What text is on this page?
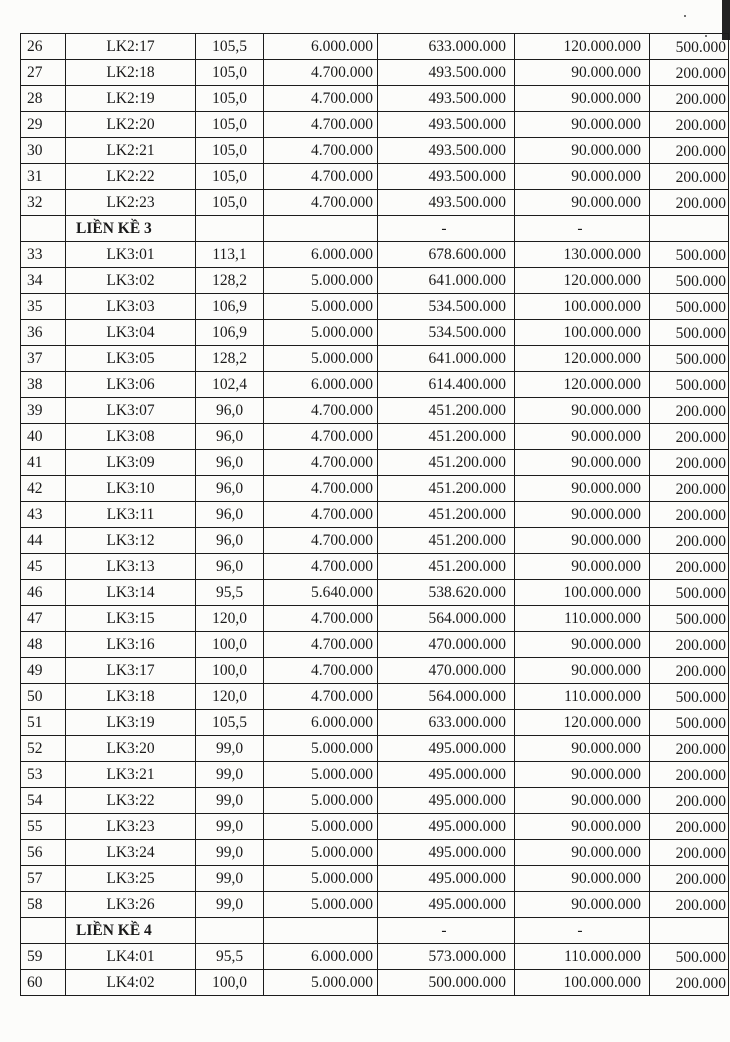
26	LK2:17	105,5	6.000.000	633.000.000	120.000.000	500.000
27	LK2:18	105,0	4.700.000	493.500.000	90.000.000	200.000
28	LK2:19	105,0	4.700.000	493.500.000	90.000.000	200.000
29	LK2:20	105,0	4.700.000	493.500.000	90.000.000	200.000
30	LK2:21	105,0	4.700.000	493.500.000	90.000.000	200.000
31	LK2:22	105,0	4.700.000	493.500.000	90.000.000	200.000
32	LK2:23	105,0	4.700.000	493.500.000	90.000.000	200.000
	LIỀN KỀ 3			-	-	
33	LK3:01	113,1	6.000.000	678.600.000	130.000.000	500.000
34	LK3:02	128,2	5.000.000	641.000.000	120.000.000	500.000
35	LK3:03	106,9	5.000.000	534.500.000	100.000.000	500.000
36	LK3:04	106,9	5.000.000	534.500.000	100.000.000	500.000
37	LK3:05	128,2	5.000.000	641.000.000	120.000.000	500.000
38	LK3:06	102,4	6.000.000	614.400.000	120.000.000	500.000
39	LK3:07	96,0	4.700.000	451.200.000	90.000.000	200.000
40	LK3:08	96,0	4.700.000	451.200.000	90.000.000	200.000
41	LK3:09	96,0	4.700.000	451.200.000	90.000.000	200.000
42	LK3:10	96,0	4.700.000	451.200.000	90.000.000	200.000
43	LK3:11	96,0	4.700.000	451.200.000	90.000.000	200.000
44	LK3:12	96,0	4.700.000	451.200.000	90.000.000	200.000
45	LK3:13	96,0	4.700.000	451.200.000	90.000.000	200.000
46	LK3:14	95,5	5.640.000	538.620.000	100.000.000	500.000
47	LK3:15	120,0	4.700.000	564.000.000	110.000.000	500.000
48	LK3:16	100,0	4.700.000	470.000.000	90.000.000	200.000
49	LK3:17	100,0	4.700.000	470.000.000	90.000.000	200.000
50	LK3:18	120,0	4.700.000	564.000.000	110.000.000	500.000
51	LK3:19	105,5	6.000.000	633.000.000	120.000.000	500.000
52	LK3:20	99,0	5.000.000	495.000.000	90.000.000	200.000
53	LK3:21	99,0	5.000.000	495.000.000	90.000.000	200.000
54	LK3:22	99,0	5.000.000	495.000.000	90.000.000	200.000
55	LK3:23	99,0	5.000.000	495.000.000	90.000.000	200.000
56	LK3:24	99,0	5.000.000	495.000.000	90.000.000	200.000
57	LK3:25	99,0	5.000.000	495.000.000	90.000.000	200.000
58	LK3:26	99,0	5.000.000	495.000.000	90.000.000	200.000
	LIỀN KỀ 4			-	-	
59	LK4:01	95,5	6.000.000	573.000.000	110.000.000	500.000
60	LK4:02	100,0	5.000.000	500.000.000	100.000.000	200.000
